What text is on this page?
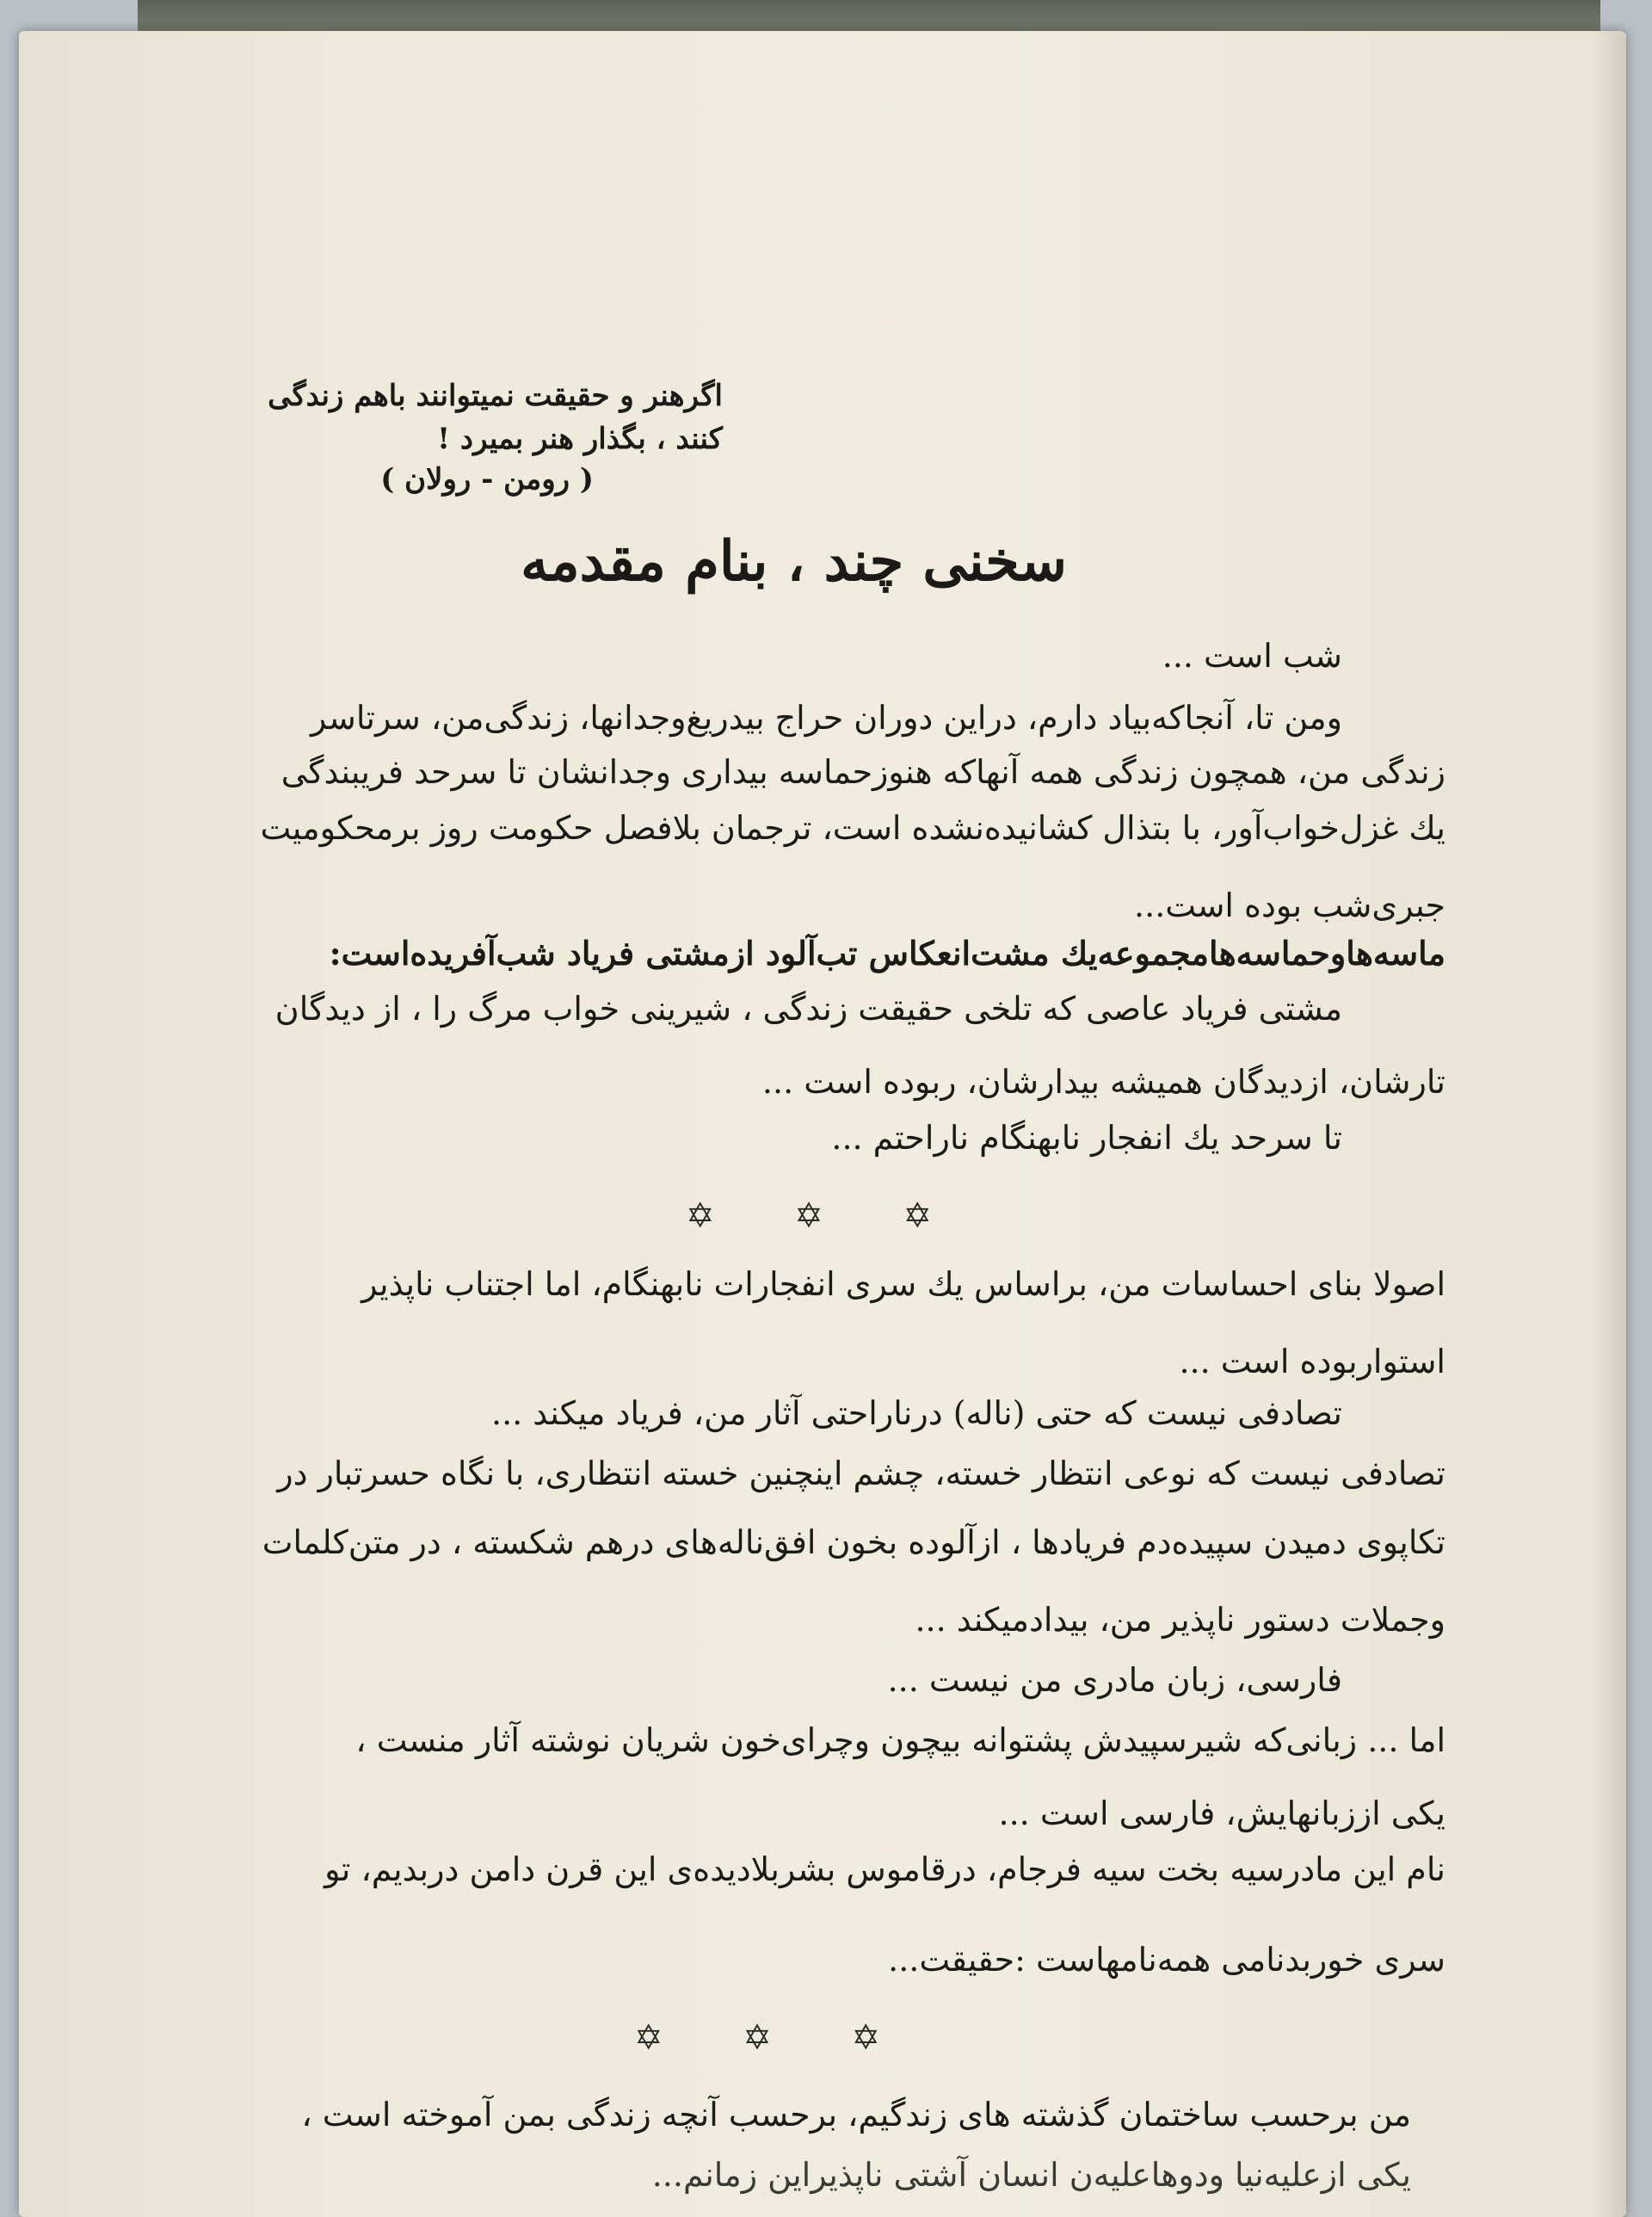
اگرهنر و حقیقت نمیتوانند باهم زندگی
کنند ، بگذار هنر بمیرد !
( رومن - رولان )
سخنی چند ، بنام مقدمه
شب است ...
ومن تا، آنجاکه‌بیاد دارم، دراین دوران حراج بیدریغ‌وجدانها، زندگی‌من، سرتاسر
زندگی من، همچون زندگی همه آنهاکه هنوزحماسه بیداری وجدانشان تا سرحد فریبندگی
یك غزل‌خواب‌آور، با بتذال کشانیده‌نشده است، ترجمان بلافصل حکومت روز برمحکومیت
جبری‌شب بوده است...
ماسه‌هاوحماسه‌هامجموعه‌یك مشت‌انعکاس تب‌آلود ازمشتی فریاد شب‌آفریده‌است:
مشتی فریاد عاصی که تلخی حقیقت زندگی ، شیرینی خواب مرگ را ، از دیدگان
تارشان، ازدیدگان همیشه بیدارشان، ربوده است ...
تا سرحد یك انفجار نابهنگام ناراحتم ...
✡ ✡ ✡
اصولا بنای احساسات من، براساس یك سری انفجارات نابهنگام، اما اجتناب ناپذیر
استواربوده است ...
تصادفی نیست که حتی (ناله) درناراحتی آثار من، فریاد میکند ...
تصادفی نیست که نوعی انتظار خسته، چشم اینچنین خسته انتظاری، با نگاه حسرتبار در
تکاپوی دمیدن سپیده‌دم فریادها ، ازآلوده بخون افق‌ناله‌های درهم شکسته ، در متن‌کلمات
وجملات دستور ناپذیر من، بیدادمیکند ...
فارسی، زبان مادری من نیست ...
اما ... زبانی‌که شیرسپیدش پشتوانه بیچون وچرای‌خون شریان نوشته آثار منست ،
یکی ازز‌بانهایش، فارسی است ...
نام این مادرسیه بخت سیه فرجام، درقاموس بشربلادیده‌ی این قرن دامن دربدیم، تو
سری خوربدنامی همه‌نامهاست :حقیقت...
✡ ✡ ✡
من برحسب ساختمان گذشته های زندگیم، برحسب آنچه زندگی بمن آموخته است ،
یکی ازعلیه‌نیا ودوهاعلیه‌ن انسان آشتی ناپذیراین زمانم...
